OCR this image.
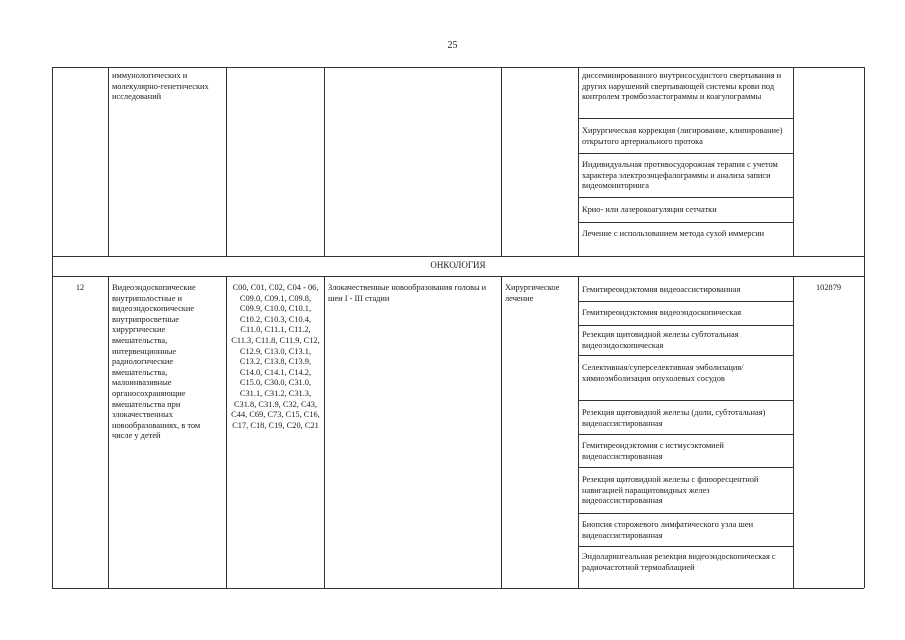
25
иммунологических и молекулярно-генетических исследований
диссеминированного внутрисосудистого свертывания и других нарушений свертывающей системы крови под контролем тромбоэластограммы и коагулограммы
Хирургическая коррекция (лигирование, клипирование) открытого артериального протока
Индивидуальная противосудорожная терапия с учетом характера электроэнцефалограммы и анализа записи видеомониторинга
Крио- или лазерокоагуляция сетчатки
Лечение с использованием метода сухой иммерсии
ОНКОЛОГИЯ
12	Видеоэндоскопические внутриполостные и видеоэндоскопические внутрипросветные хирургические вмешательства, интервенционные радиологические вмешательства, малоинвазивные органосохраняющие вмешательства при злокачественных новообразованиях, в том числе у детей
C00, C01, C02, C04 - 06, C09.0, C09.1, C09.8, C09.9, C10.0, C10.1, C10.2, C10.3, C10.4, C11.0, C11.1, C11.2, C11.3, C11.8, C11.9, C12, C12.9, C13.0, C13.1, C13.2, C13.8, C13.9, C14.0, C14.1, C14.2, C15.0, C30.0, C31.0, C31.1, C31.2, C31.3, C31.8, C31.9, C32, C43, C44, C69, C73, C15, C16, C17, C18, C19, C20, C21
Злокачественные новообразования головы и шеи I - III стадии
Хирургическое лечение
102879
Гемитиреоидэктомия видеоассистированная
Гемитиреоидэктомия видеоэндоскопическая
Резекция щитовидной железы субтотальная видеоэндоскопическая
Селективная/суперселективная эмболизация/химиоэмболизация опухолевых сосудов
Резекция щитовидной железы (доли, субтотальная) видеоассистированная
Гемитиреоидэктомия с истмусэктомией видеоассистированная
Резекция щитовидной железы с флюоресцентной навигацией паращитовидных желез видеоассистированная
Биопсия сторожевого лимфатического узла шеи видеоассистированная
Эндоларингеальная резекция видеоэндоскопическая с радиочастотной термоаблацией
